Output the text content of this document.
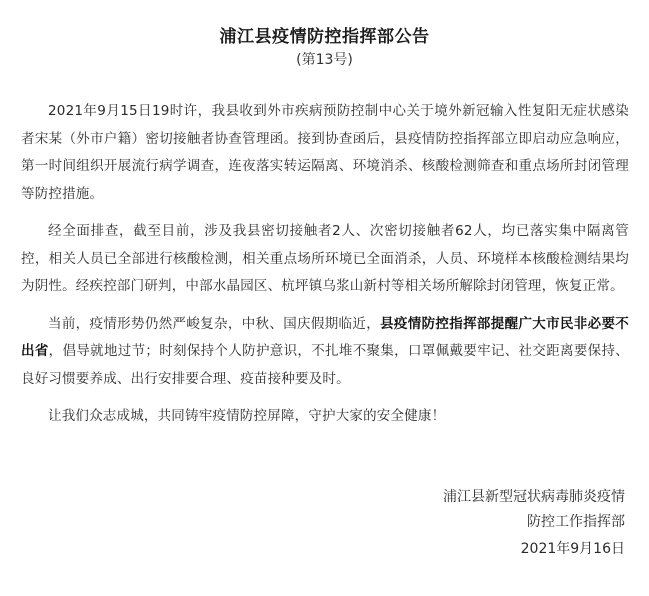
浦江县疫情防控指挥部公告
(第13号)

2021年9月15日19时许，我县收到外市疾病预防控制中心关于境外新冠输入性复阳无症状感染者宋某（外市户籍）密切接触者协查管理函。接到协查函后，县疫情防控指挥部立即启动应急响应，第一时间组织开展流行病学调查，连夜落实转运隔离、环境消杀、核酸检测筛查和重点场所封闭管理等防控措施。

经全面排查，截至目前，涉及我县密切接触者2人、次密切接触者62人，均已落实集中隔离管控，相关人员已全部进行核酸检测，相关重点场所环境已全面消杀，人员、环境样本核酸检测结果均为阴性。经疾控部门研判，中部水晶园区、杭坪镇乌浆山新村等相关场所解除封闭管理，恢复正常。

当前，疫情形势仍然严峻复杂，中秋、国庆假期临近，县疫情防控指挥部提醒广大市民非必要不出省，倡导就地过节；时刻保持个人防护意识，不扎堆不聚集，口罩佩戴要牢记、社交距离要保持、良好习惯要养成、出行安排要合理、疫苗接种要及时。

让我们众志成城，共同铸牢疫情防控屏障，守护大家的安全健康！

浦江县新型冠状病毒肺炎疫情
防控工作指挥部
2021年9月16日
